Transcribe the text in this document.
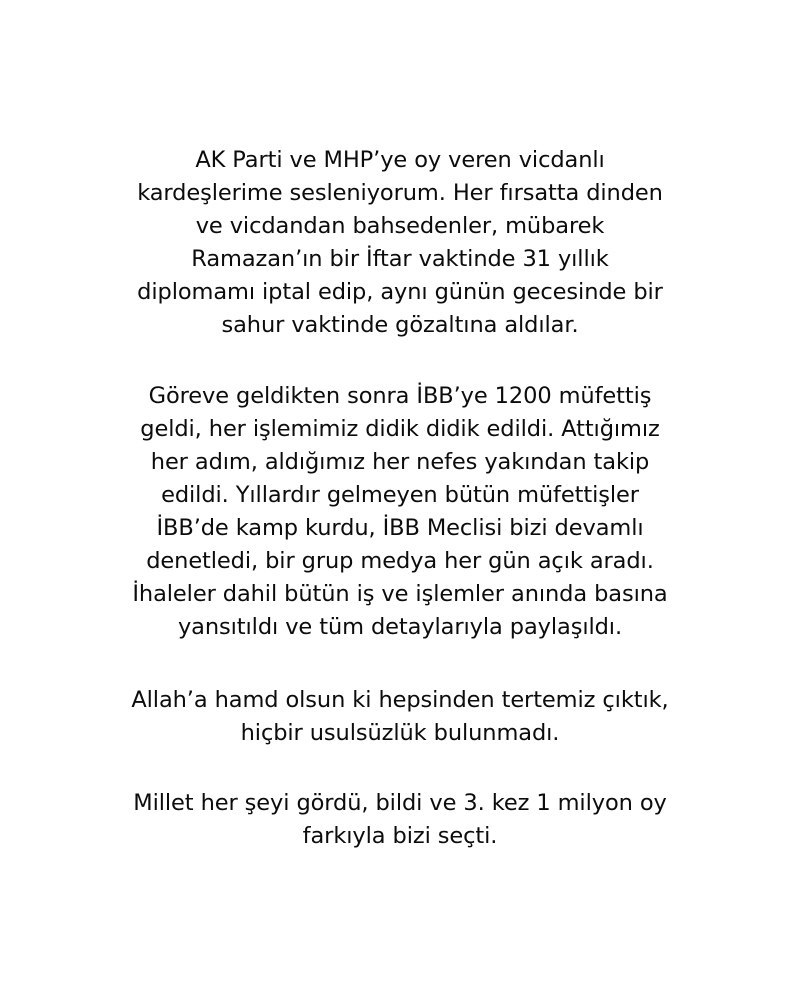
AK Parti ve MHP’ye oy veren vicdanlı
kardeşlerime sesleniyorum. Her fırsatta dinden
ve vicdandan bahsedenler, mübarek
Ramazan’ın bir İftar vaktinde 31 yıllık
diplomamı iptal edip, aynı günün gecesinde bir
sahur vaktinde gözaltına aldılar.

Göreve geldikten sonra İBB’ye 1200 müfettiş
geldi, her işlemimiz didik didik edildi. Attığımız
her adım, aldığımız her nefes yakından takip
edildi. Yıllardır gelmeyen bütün müfettişler
İBB’de kamp kurdu, İBB Meclisi bizi devamlı
denetledi, bir grup medya her gün açık aradı.
İhaleler dahil bütün iş ve işlemler anında basına
yansıtıldı ve tüm detaylarıyla paylaşıldı.

Allah’a hamd olsun ki hepsinden tertemiz çıktık,
hiçbir usulsüzlük bulunmadı.

Millet her şeyi gördü, bildi ve 3. kez 1 milyon oy
farkıyla bizi seçti.
